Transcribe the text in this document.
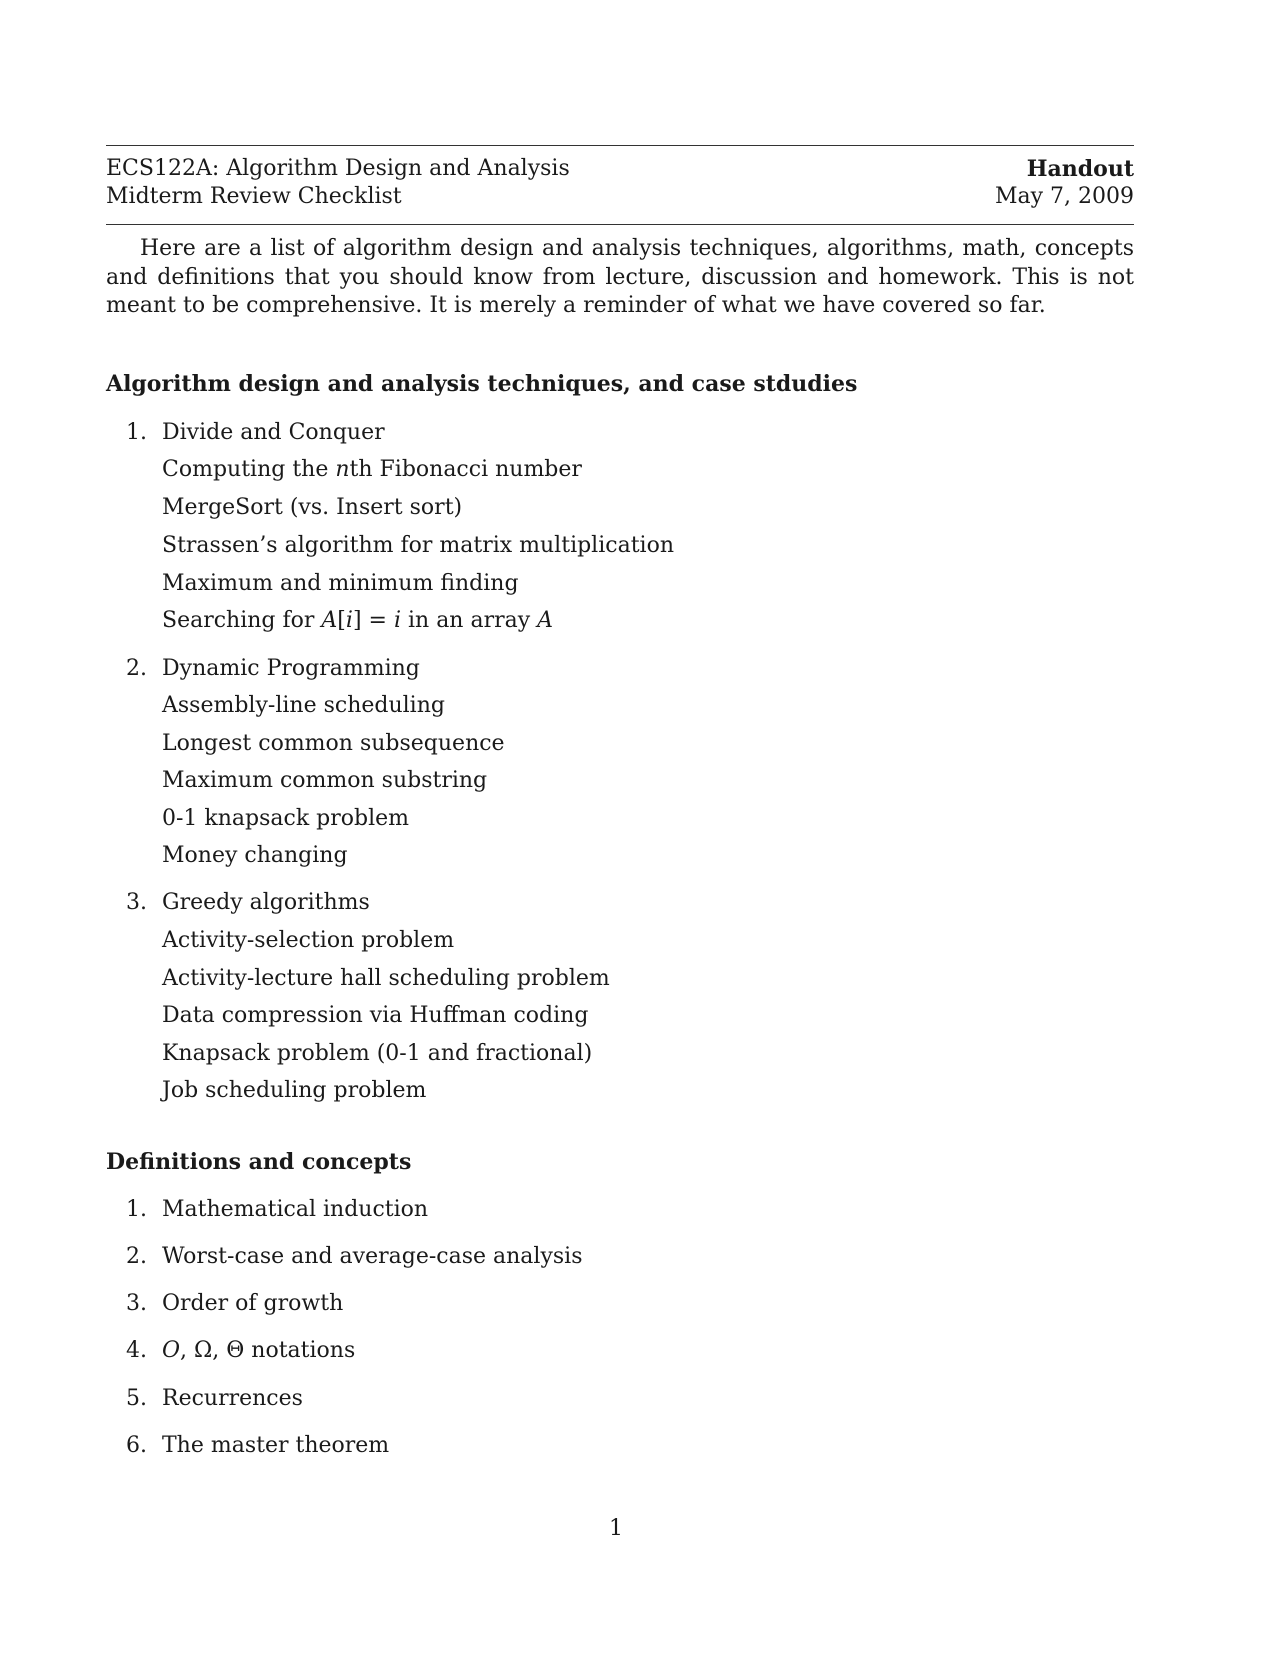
ECS122A: Algorithm Design and Analysis
Midterm Review Checklist
Handout
May 7, 2009
Here are a list of algorithm design and analysis techniques, algorithms, math, concepts and definitions that you should know from lecture, discussion and homework. This is not meant to be comprehensive. It is merely a reminder of what we have covered so far.
Algorithm design and analysis techniques, and case stdudies
1. Divide and Conquer
Computing the nth Fibonacci number
MergeSort (vs. Insert sort)
Strassen’s algorithm for matrix multiplication
Maximum and minimum finding
Searching for A[i] = i in an array A
2. Dynamic Programming
Assembly-line scheduling
Longest common subsequence
Maximum common substring
0-1 knapsack problem
Money changing
3. Greedy algorithms
Activity-selection problem
Activity-lecture hall scheduling problem
Data compression via Huffman coding
Knapsack problem (0-1 and fractional)
Job scheduling problem
Definitions and concepts
1. Mathematical induction
2. Worst-case and average-case analysis
3. Order of growth
4. O, Ω, Θ notations
5. Recurrences
6. The master theorem
1
